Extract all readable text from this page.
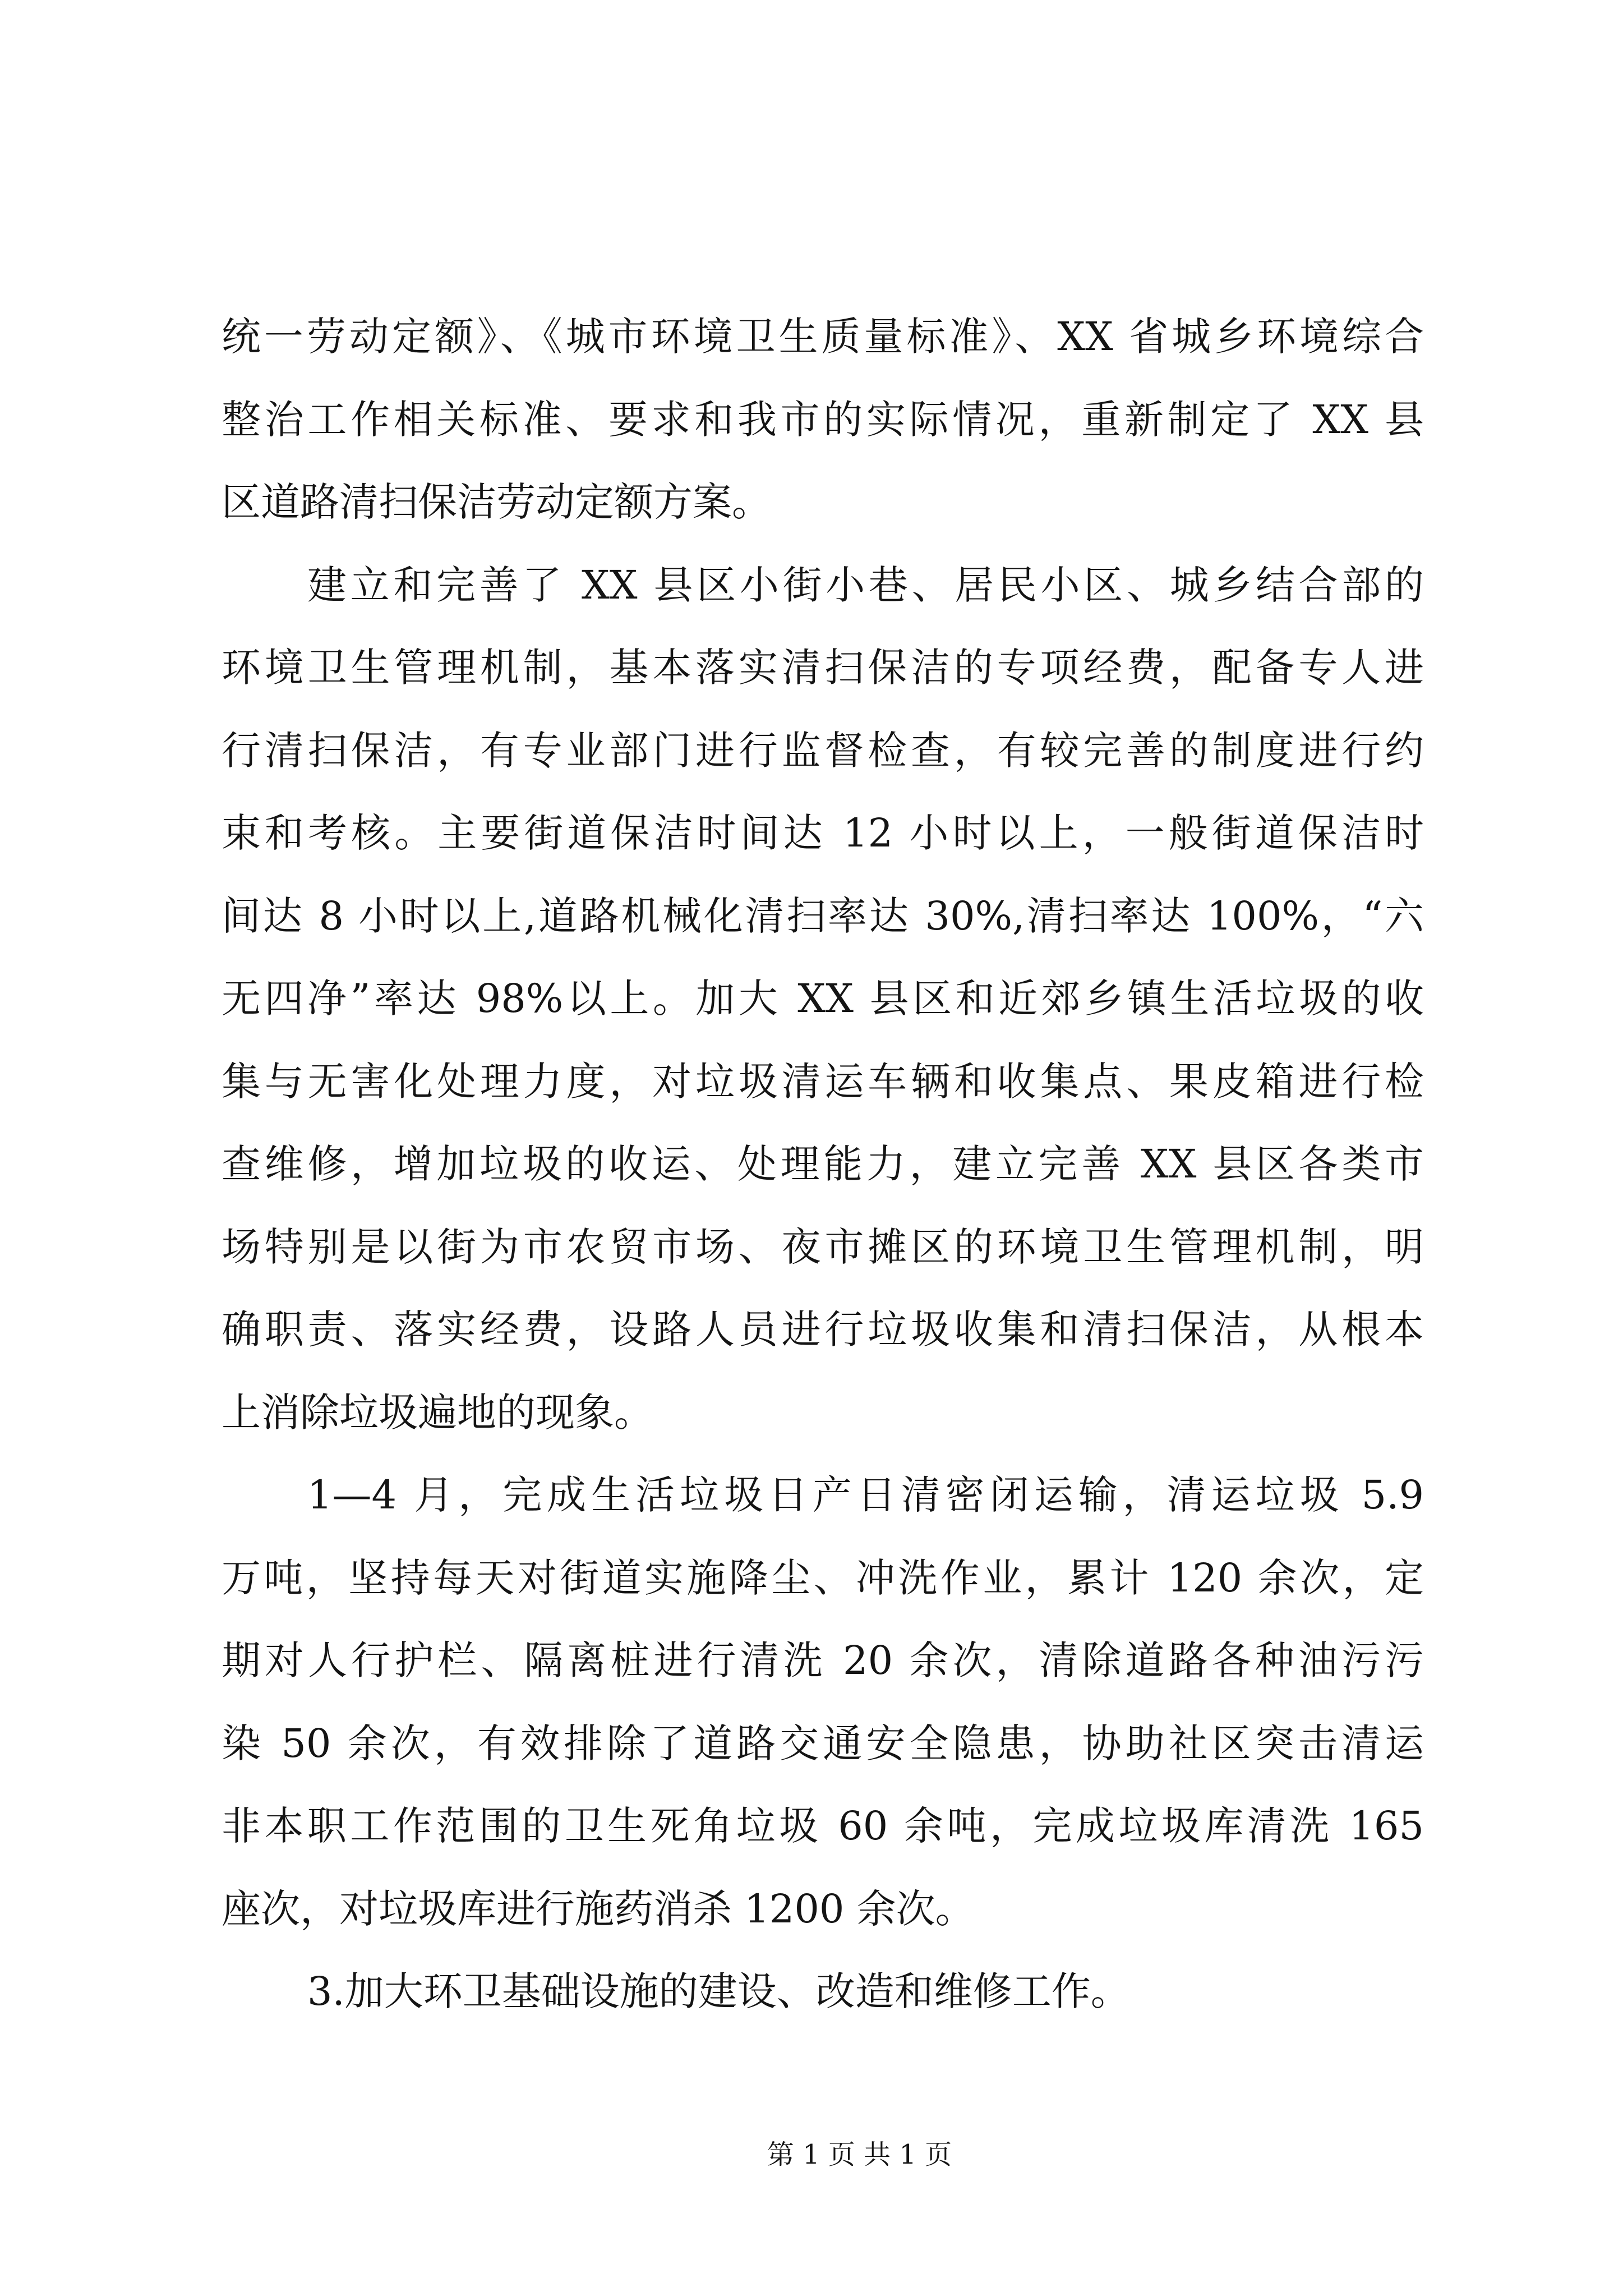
统一劳动定额》、《城市环境卫生质量标准》、XX 省城乡环境综合
整治工作相关标准、要求和我市的实际情况，重新制定了 XX 县
区道路清扫保洁劳动定额方案。
建立和完善了 XX 县区小街小巷、居民小区、城乡结合部的
环境卫生管理机制，基本落实清扫保洁的专项经费，配备专人进
行清扫保洁，有专业部门进行监督检查，有较完善的制度进行约
束和考核。主要街道保洁时间达 12 小时以上，一般街道保洁时
间达 8 小时以上,道路机械化清扫率达 30%,清扫率达 100%，“六
无四净”率达 98%以上。加大 XX 县区和近郊乡镇生活垃圾的收
集与无害化处理力度，对垃圾清运车辆和收集点、果皮箱进行检
查维修，增加垃圾的收运、处理能力，建立完善 XX 县区各类市
场特别是以街为市农贸市场、夜市摊区的环境卫生管理机制，明
确职责、落实经费，设路人员进行垃圾收集和清扫保洁，从根本
上消除垃圾遍地的现象。
1—4 月，完成生活垃圾日产日清密闭运输，清运垃圾 5.9
万吨，坚持每天对街道实施降尘、冲洗作业，累计 120 余次，定
期对人行护栏、隔离桩进行清洗 20 余次，清除道路各种油污污
染 50 余次，有效排除了道路交通安全隐患，协助社区突击清运
非本职工作范围的卫生死角垃圾 60 余吨，完成垃圾库清洗 165
座次，对垃圾库进行施药消杀 1200 余次。
3.加大环卫基础设施的建设、改造和维修工作。
第 1 页 共 1 页
